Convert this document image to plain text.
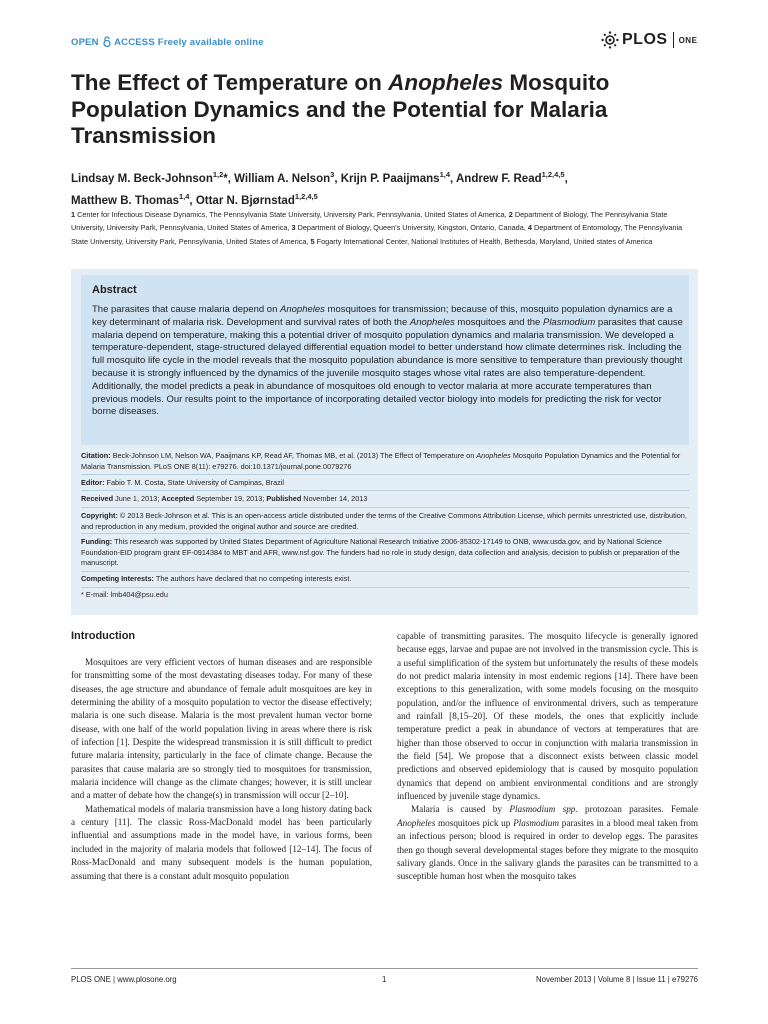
OPEN ACCESS Freely available online	PLOS ONE
The Effect of Temperature on Anopheles Mosquito Population Dynamics and the Potential for Malaria Transmission
Lindsay M. Beck-Johnson$^{1,2}$*, William A. Nelson$^3$, Krijn P. Paaijmans$^{1,4}$, Andrew F. Read$^{1,2,4,5}$,
Matthew B. Thomas$^{1,4}$, Ottar N. Bjørnstad$^{1,2,4,5}$
1 Center for Infectious Disease Dynamics, The Pennsylvania State University, University Park, Pennsylvania, United States of America, 2 Department of Biology, The Pennsylvania State University, University Park, Pennsylvania, United States of America, 3 Department of Biology, Queen's University, Kingston, Ontario, Canada, 4 Department of Entomology, The Pennsylvania State University, University Park, Pennsylvania, United States of America, 5 Fogarty International Center, National Institutes of Health, Bethesda, Maryland, United states of America
Abstract
The parasites that cause malaria depend on Anopheles mosquitoes for transmission; because of this, mosquito population dynamics are a key determinant of malaria risk. Development and survival rates of both the Anopheles mosquitoes and the Plasmodium parasites that cause malaria depend on temperature, making this a potential driver of mosquito population dynamics and malaria transmission. We developed a temperature-dependent, stage-structured delayed differential equation model to better understand how climate determines risk. Including the full mosquito life cycle in the model reveals that the mosquito population abundance is more sensitive to temperature than previously thought because it is strongly influenced by the dynamics of the juvenile mosquito stages whose vital rates are also temperature-dependent. Additionally, the model predicts a peak in abundance of mosquitoes old enough to vector malaria at more accurate temperatures than previous models. Our results point to the importance of incorporating detailed vector biology into models for predicting the risk for vector borne diseases.
Citation: Beck-Johnson LM, Nelson WA, Paaijmans KP, Read AF, Thomas MB, et al. (2013) The Effect of Temperature on Anopheles Mosquito Population Dynamics and the Potential for Malaria Transmission. PLoS ONE 8(11): e79276. doi:10.1371/journal.pone.0079276
Editor: Fabio T. M. Costa, State University of Campinas, Brazil
Received June 1, 2013; Accepted September 19, 2013; Published November 14, 2013
Copyright: © 2013 Beck-Johnson et al. This is an open-access article distributed under the terms of the Creative Commons Attribution License, which permits unrestricted use, distribution, and reproduction in any medium, provided the original author and source are credited.
Funding: This research was supported by United States Department of Agriculture National Research Initiative 2006-35302-17149 to ONB, www.usda.gov, and by National Science Foundation-EID program grant EF-0914384 to MBT and AFR, www.nsf.gov. The funders had no role in study design, data collection and analysis, decision to publish or preparation of the manuscript.
Competing Interests: The authors have declared that no competing interests exist.
* E-mail: lmb404@psu.edu
Introduction

Mosquitoes are very efficient vectors of human diseases and are responsible for transmitting some of the most devastating diseases today. For many of these diseases, the age structure and abundance of female adult mosquitoes are key in determining the ability of a mosquito population to vector the disease effectively; malaria is one such disease. Malaria is the most prevalent human vector borne disease, with one half of the world population living in areas where there is risk of infection [1]. Despite the widespread transmission it is still difficult to predict future malaria intensity, particularly in the face of climate change. Because the parasites that cause malaria are so strongly tied to mosquitoes for transmission, malaria incidence will change as the climate changes; however, it is still unclear and a matter of debate how the change(s) in transmission will occur [2–10].

Mathematical models of malaria transmission have a long history dating back a century [11]. The classic Ross-MacDonald model has been particularly influential and assumptions made in the model have, in various forms, been included in the majority of malaria models that followed [12–14]. The focus of Ross-MacDonald and many subsequent models is the human population, assuming that there is a constant adult mosquito population

capable of transmitting parasites. The mosquito lifecycle is generally ignored because eggs, larvae and pupae are not involved in the transmission cycle. This is a useful simplification of the system but unfortunately the results of these models do not predict malaria intensity in most endemic regions [14]. There have been exceptions to this generalization, with some models focusing on the mosquito population, and/or the influence of environmental drivers, such as temperature and rainfall [8,15–20]. Of these models, the ones that explicitly include temperature predict a peak in abundance of vectors at temperatures that are higher than those observed to occur in conjunction with malaria transmission in the field [54]. We propose that a disconnect exists between classic model predictions and observed epidemiology that is caused by mosquito population dynamics that depend on ambient environmental conditions and are strongly influenced by juvenile stage dynamics.

Malaria is caused by Plasmodium spp. protozoan parasites. Female Anopheles mosquitoes pick up Plasmodium parasites in a blood meal taken from an infectious person; blood is required in order to develop eggs. The parasites then go though several developmental stages before they migrate to the mosquito salivary glands. Once in the salivary glands the parasites can be transmitted to a susceptible human host when the mosquito takes

PLOS ONE | www.plosone.org	1	November 2013 | Volume 8 | Issue 11 | e79276
